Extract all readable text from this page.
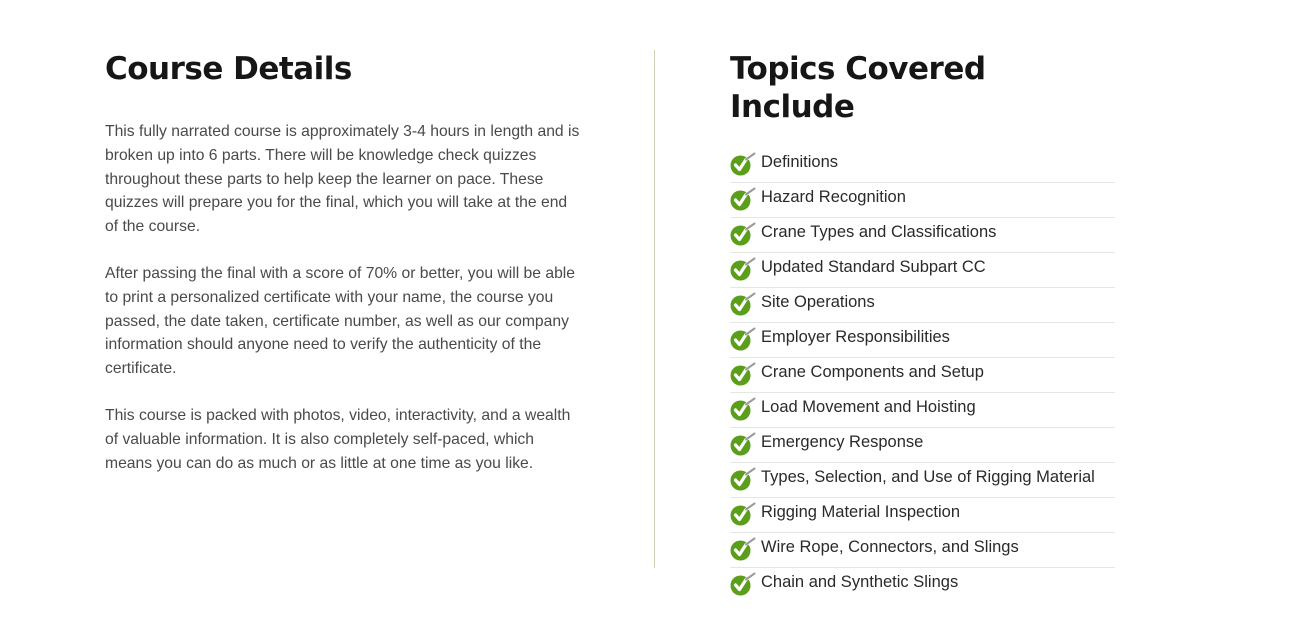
Course Details

This fully narrated course is approximately 3-4 hours in length and is broken up into 6 parts. There will be knowledge check quizzes throughout these parts to help keep the learner on pace. These quizzes will prepare you for the final, which you will take at the end of the course.

After passing the final with a score of 70% or better, you will be able to print a personalized certificate with your name, the course you passed, the date taken, certificate number, as well as our company information should anyone need to verify the authenticity of the certificate.

This course is packed with photos, video, interactivity, and a wealth of valuable information. It is also completely self-paced, which means you can do as much or as little at one time as you like.

Topics Covered Include
Definitions
Hazard Recognition
Crane Types and Classifications
Updated Standard Subpart CC
Site Operations
Employer Responsibilities
Crane Components and Setup
Load Movement and Hoisting
Emergency Response
Types, Selection, and Use of Rigging Material
Rigging Material Inspection
Wire Rope, Connectors, and Slings
Chain and Synthetic Slings
